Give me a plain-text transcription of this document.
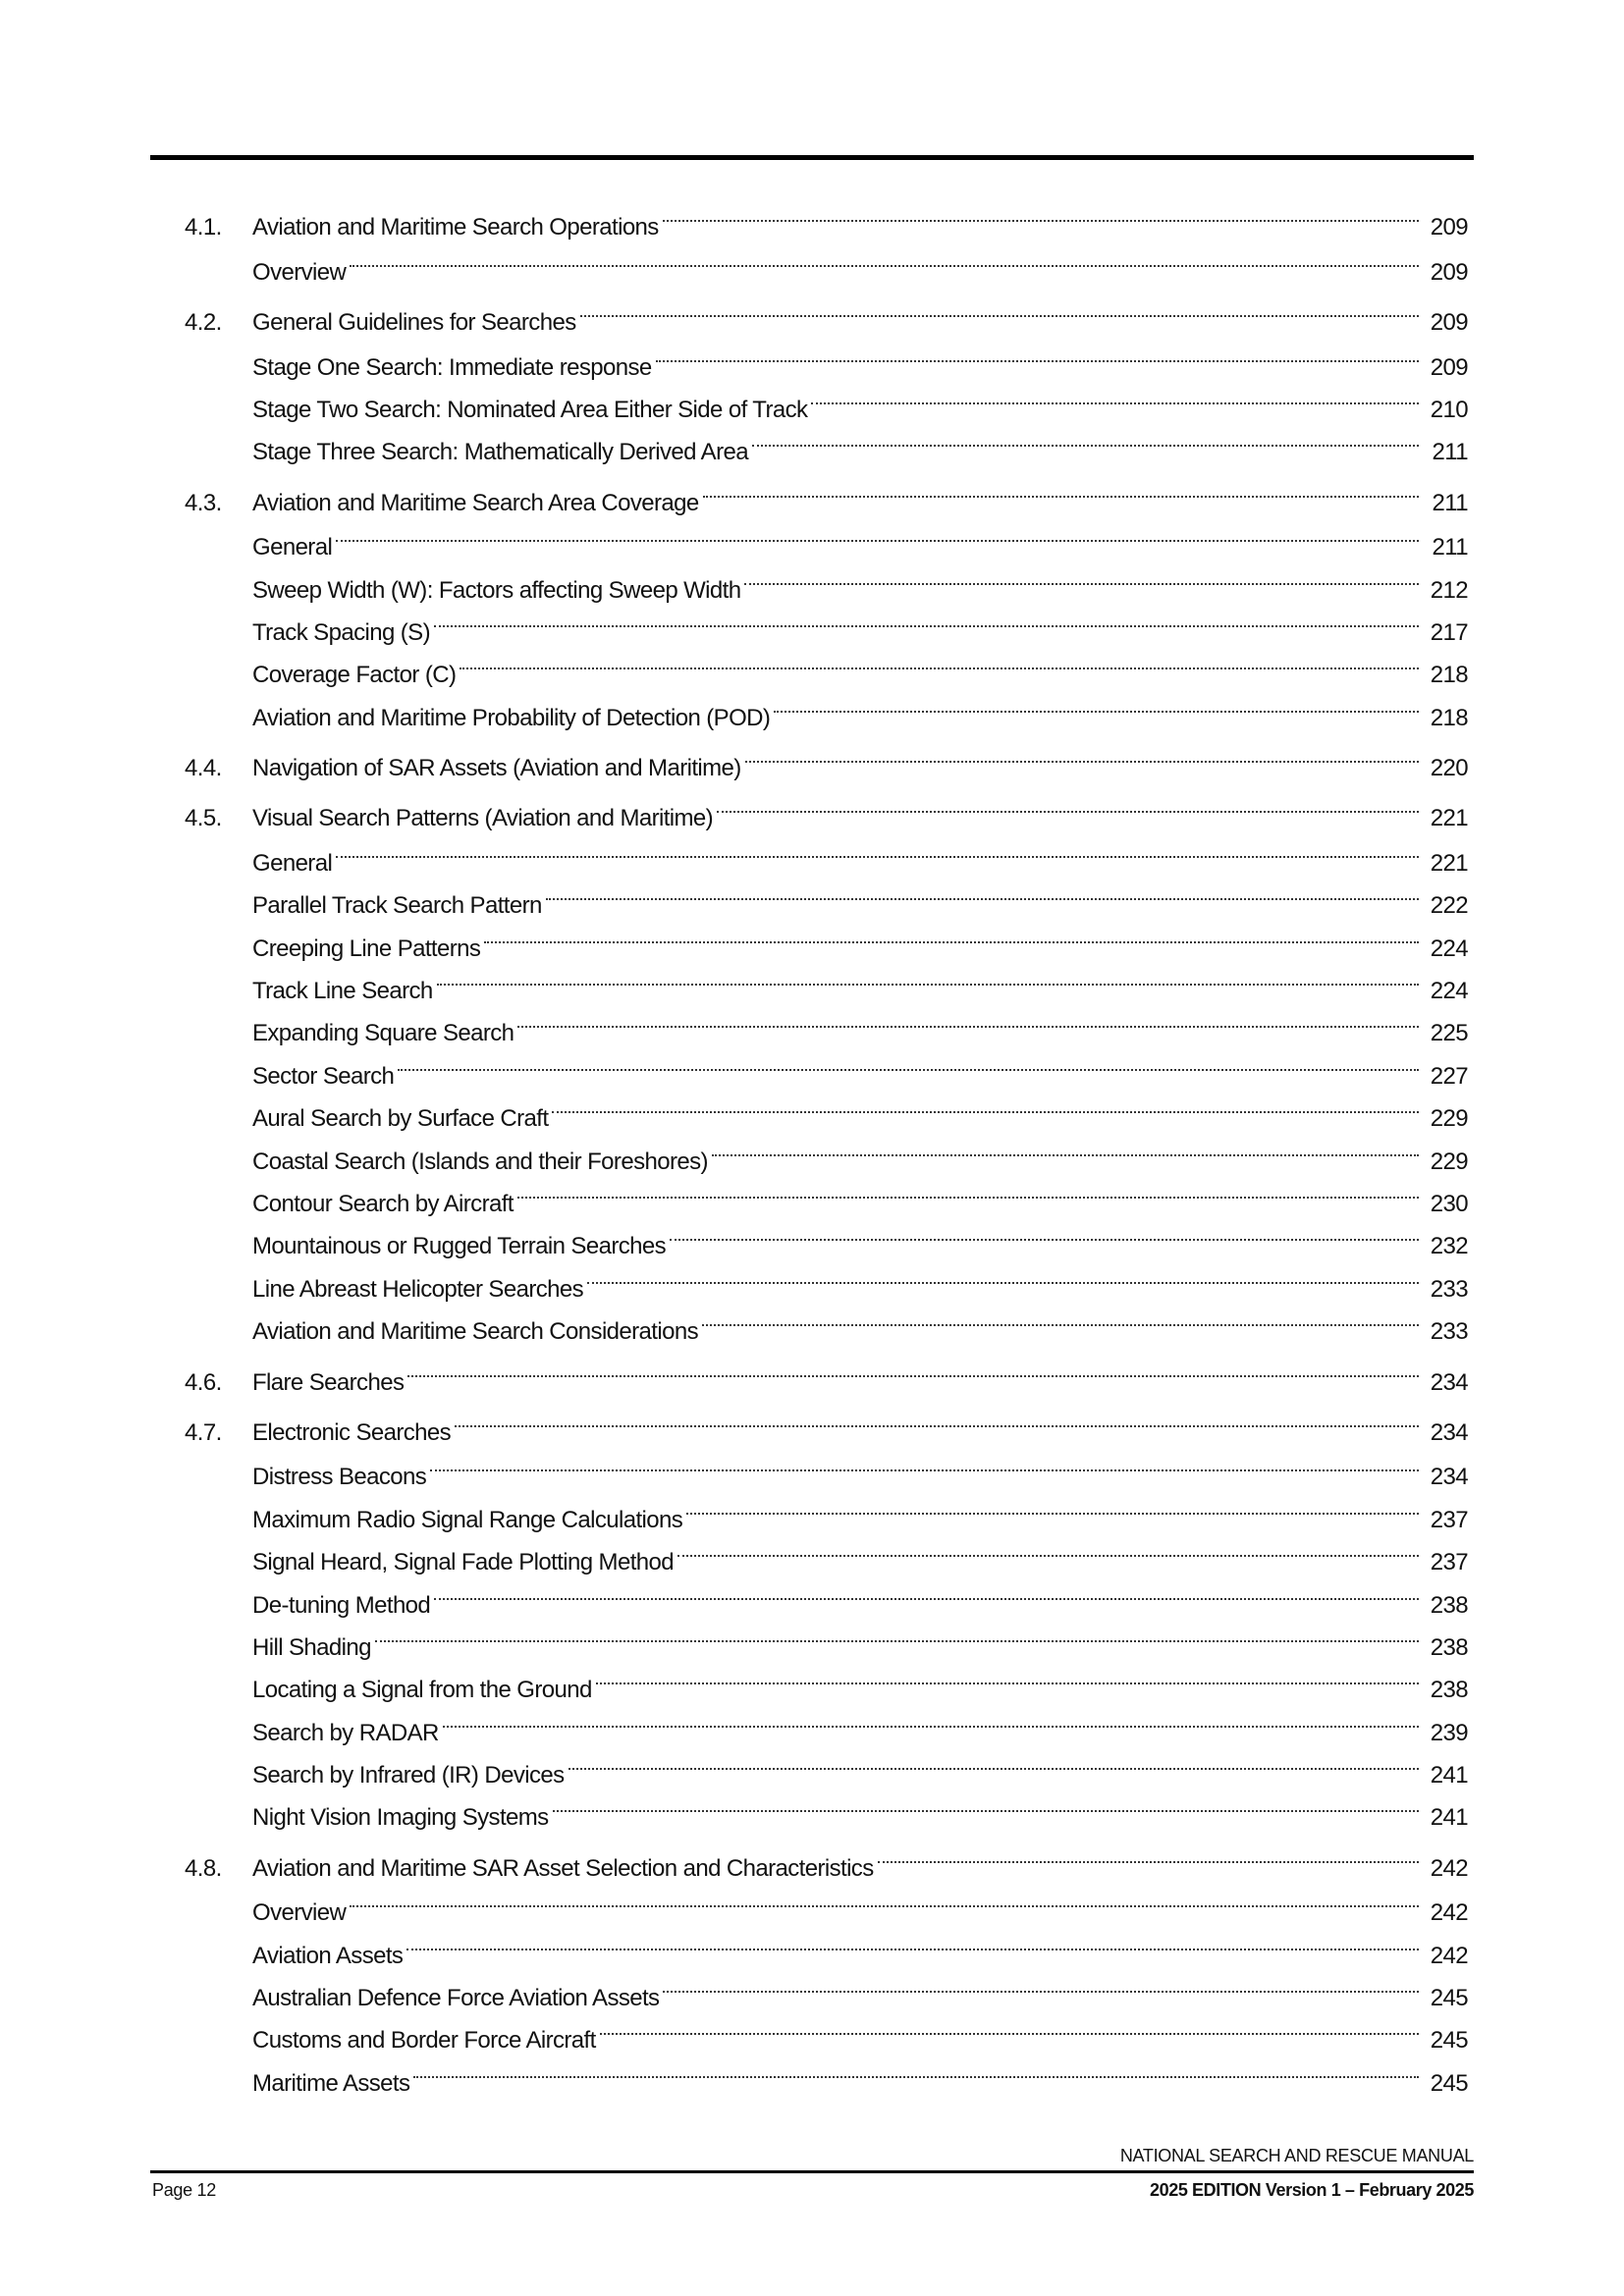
4.1.	Aviation and Maritime Search Operations	209
Overview	209
4.2.	General Guidelines for Searches	209
Stage One Search: Immediate response	209
Stage Two Search: Nominated Area Either Side of Track	210
Stage Three Search: Mathematically Derived Area	211
4.3.	Aviation and Maritime Search Area Coverage	211
General	211
Sweep Width (W): Factors affecting Sweep Width	212
Track Spacing (S)	217
Coverage Factor (C)	218
Aviation and Maritime Probability of Detection (POD)	218
4.4.	Navigation of SAR Assets (Aviation and Maritime)	220
4.5.	Visual Search Patterns (Aviation and Maritime)	221
General	221
Parallel Track Search Pattern	222
Creeping Line Patterns	224
Track Line Search	224
Expanding Square Search	225
Sector Search	227
Aural Search by Surface Craft	229
Coastal Search (Islands and their Foreshores)	229
Contour Search by Aircraft	230
Mountainous or Rugged Terrain Searches	232
Line Abreast Helicopter Searches	233
Aviation and Maritime Search Considerations	233
4.6.	Flare Searches	234
4.7.	Electronic Searches	234
Distress Beacons	234
Maximum Radio Signal Range Calculations	237
Signal Heard, Signal Fade Plotting Method	237
De-tuning Method	238
Hill Shading	238
Locating a Signal from the Ground	238
Search by RADAR	239
Search by Infrared (IR) Devices	241
Night Vision Imaging Systems	241
4.8.	Aviation and Maritime SAR Asset Selection and Characteristics	242
Overview	242
Aviation Assets	242
Australian Defence Force Aviation Assets	245
Customs and Border Force Aircraft	245
Maritime Assets	245
NATIONAL SEARCH AND RESCUE MANUAL
Page 12	2025 EDITION Version 1 – February 2025
